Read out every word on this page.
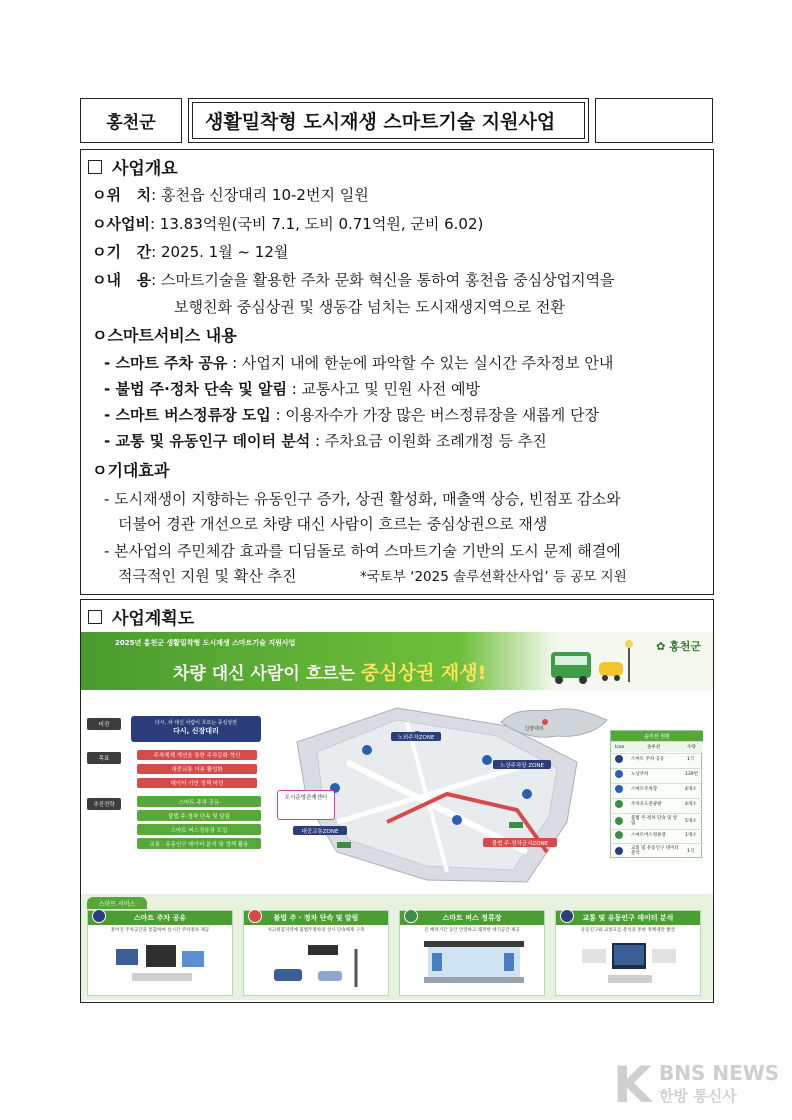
홍천군	생활밀착형 도시재생 스마트기술 지원사업
사업개요
ㅇ위   치: 홍천읍 신장대리 10-2번지 일원
ㅇ사업비: 13.83억원(국비 7.1, 도비 0.71억원, 군비 6.02)
ㅇ기   간: 2025. 1월 ~ 12월
ㅇ내   용: 스마트기술을 활용한 주차 문화 혁신을 통하여 홍천읍 중심상업지역을
보행친화 중심상권 및 생동감 넘치는 도시재생지역으로 전환
ㅇ스마트서비스 내용
- 스마트 주차 공유 : 사업지 내에 한눈에 파악할 수 있는 실시간 주차정보 안내
- 불법 주·정차 단속 및 알림 : 교통사고 및 민원 사전 예방
- 스마트 버스정류장 도입 : 이용자수가 가장 많은 버스정류장을 새롭게 단장
- 교통 및 유동인구 데이터 분석 : 주차요금 이원화 조례개정 등 추진
ㅇ기대효과
- 도시재생이 지향하는 유동인구 증가, 상권 활성화, 매출액 상승, 빈점포 감소와
더불어 경관 개선으로 차량 대신 사람이 흐르는 중심상권으로 재생
- 본사업의 주민체감 효과를 디딤돌로 하여 스마트기술 기반의 도시 문제 해결에
적극적인 지원 및 확산 추진	*국토부 ‘2025 솔루션확산사업’ 등 공모 지원
사업계획도
2025년 홍천군 생활밀착형 도시재생 스마트기술 지원사업
차량 대신 사람이 흐르는 중심상권 재생!
✿ 홍천군
비전	다시, 차 대신 사람이 흐르는 중심상권
다시, 신장대리
목표	주차체계 개선을 통한 주차문화 혁신
대중교통 이용 활성화
데이터 기반 정책 마련
추진전략	스마트 주차 공유
불법 주·정차 단속 및 알림
스마트 버스정류장 도입
교통 · 유동인구 데이터 분석 및 정책 활용
노외주차ZONE
노상주차장 ZONE
도시운영관제센터
대중교통ZONE
불법 주·정차금지ZONE
신장대리
솔루션 현황
Icon	솔루션	수량
스마트 주차 공유	1식
노상주차	139면
스마트주차장	4개소
주차유도전광판	4개소
불법 주·정차 단속 및 알림	5개소
스마트버스정류장	1개소
교통 및 유동인구 데이터 분석	1식
스마트 서비스
스마트 주차 공유
흩어진 주차공간을 통합하여 실시간 주차정보 제공
불법 주 · 정차 단속 및 알림
사고위험지역에 불법주정차의 상시 단속체계 구축
스마트 버스 정류장
긴 배차시간 동안 안전하고 쾌적한 대기공간 제공
교통 및 유동인구 데이터 분석
유동인구와 교통흐름 분석을 통한 정책제안 발굴
K BNS NEWS
한방 통신사
